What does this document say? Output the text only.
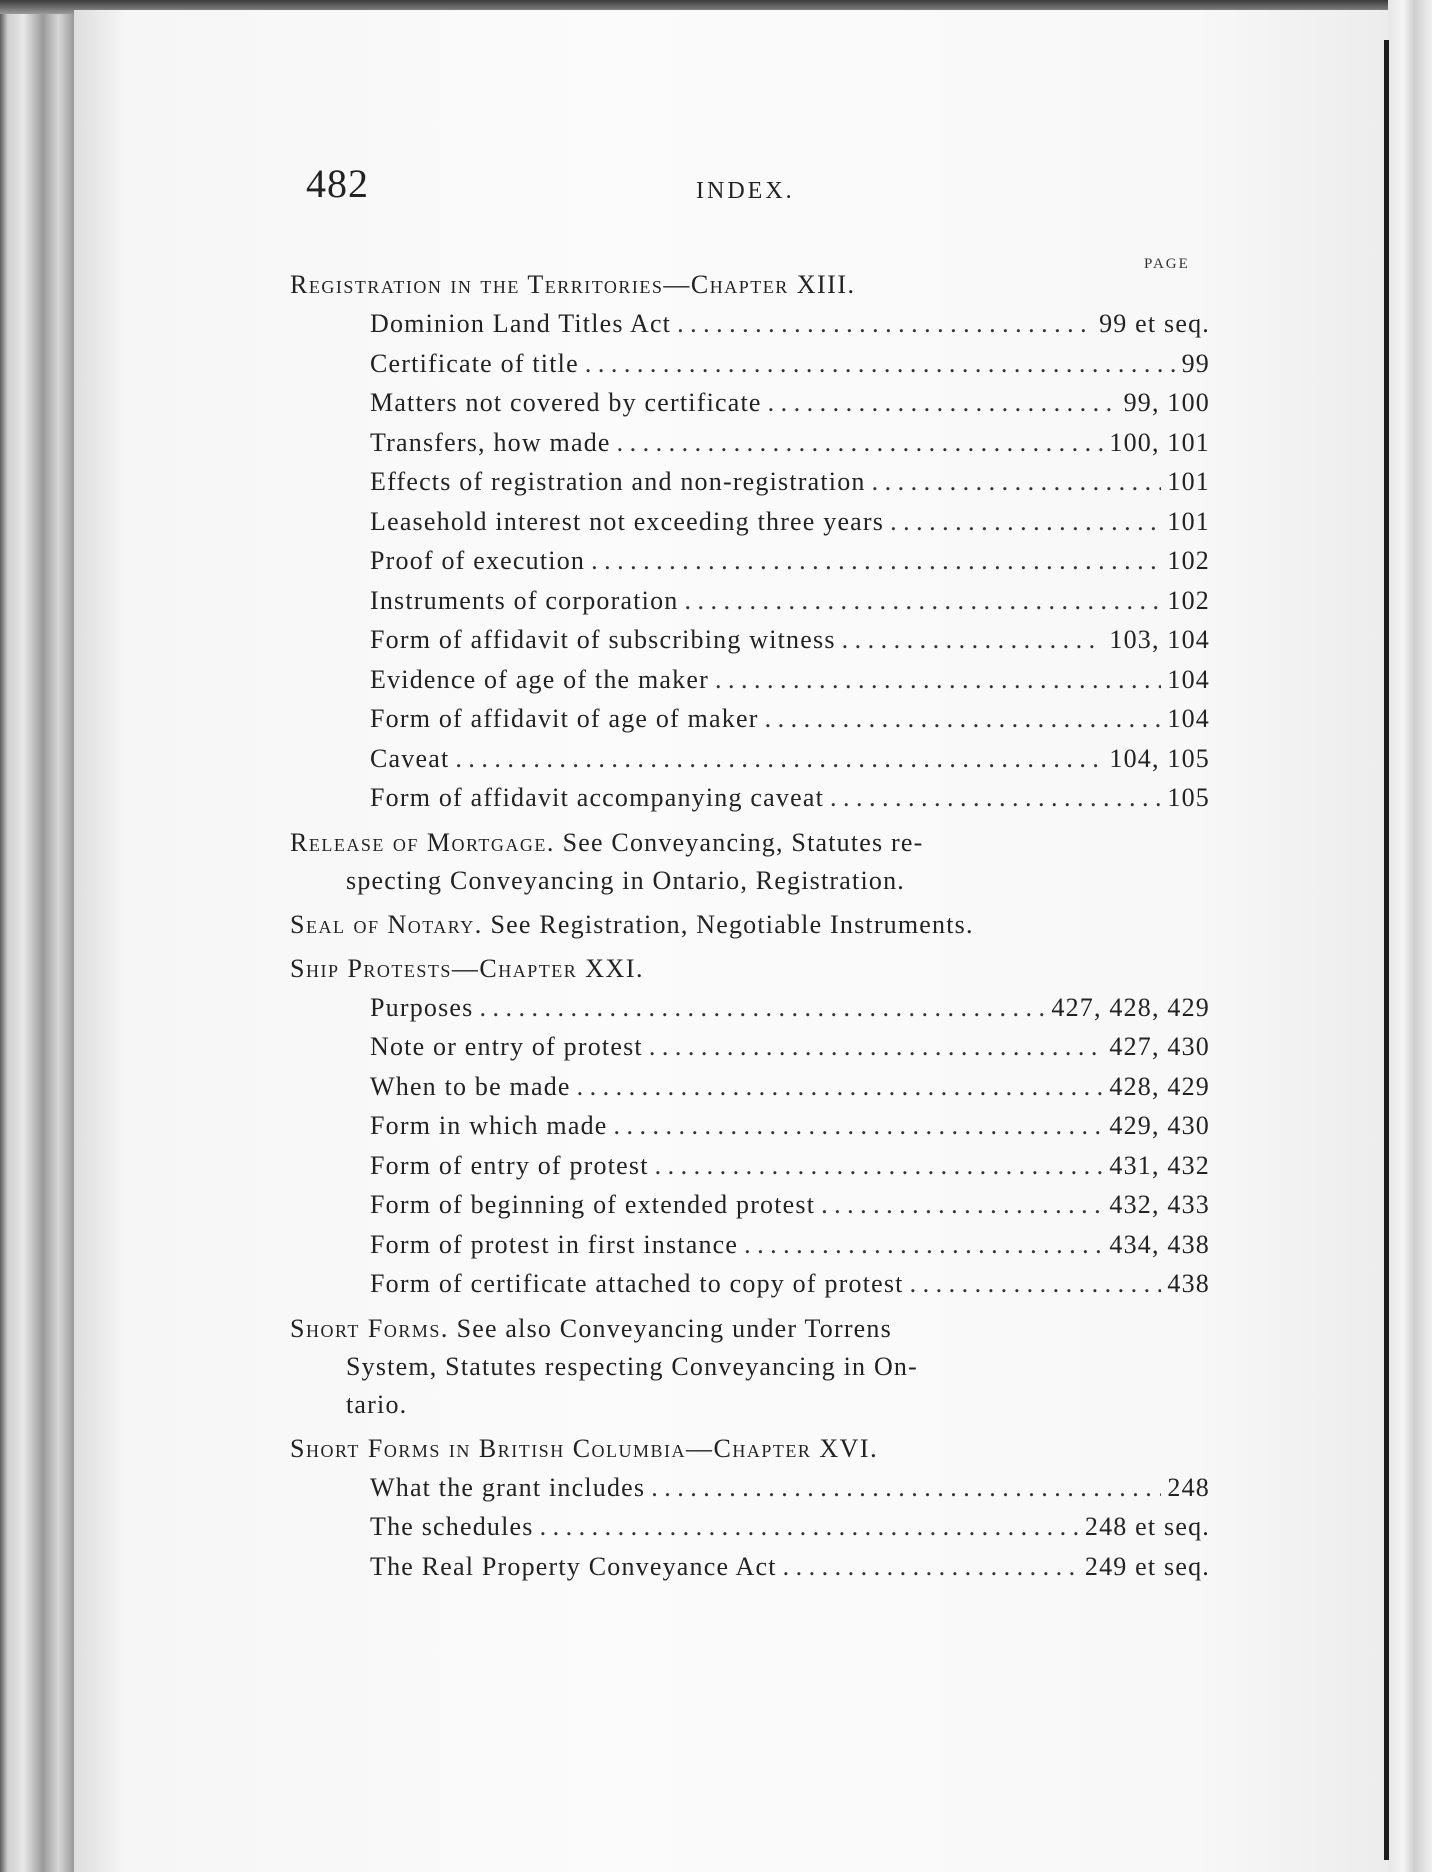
482	INDEX.
PAGE
Registration in the Territories—Chapter XIII.
Dominion Land Titles Act . . .	99 et seq.
Certificate of title . . .	99
Matters not covered by certificate . . .	99, 100
Transfers, how made . . .	100, 101
Effects of registration and non-registration . . .	101
Leasehold interest not exceeding three years . . .	101
Proof of execution . . .	102
Instruments of corporation . . .	102
Form of affidavit of subscribing witness . . .	103, 104
Evidence of age of the maker . . .	104
Form of affidavit of age of maker . . .	104
Caveat . . .	104, 105
Form of affidavit accompanying caveat . . .	105
Release of Mortgage. See Conveyancing, Statutes re-
specting Conveyancing in Ontario, Registration.
Seal of Notary. See Registration, Negotiable Instruments.
Ship Protests—Chapter XXI.
Purposes . . .	427, 428, 429
Note or entry of protest . . .	427, 430
When to be made . . .	428, 429
Form in which made . . .	429, 430
Form of entry of protest . . .	431, 432
Form of beginning of extended protest . . .	432, 433
Form of protest in first instance . . .	434, 438
Form of certificate attached to copy of protest . . .	438
Short Forms. See also Conveyancing under Torrens
System, Statutes respecting Conveyancing in On-
tario.
Short Forms in British Columbia—Chapter XVI.
What the grant includes . . .	248
The schedules . . .	248 et seq.
The Real Property Conveyance Act . . .	249 et seq.
